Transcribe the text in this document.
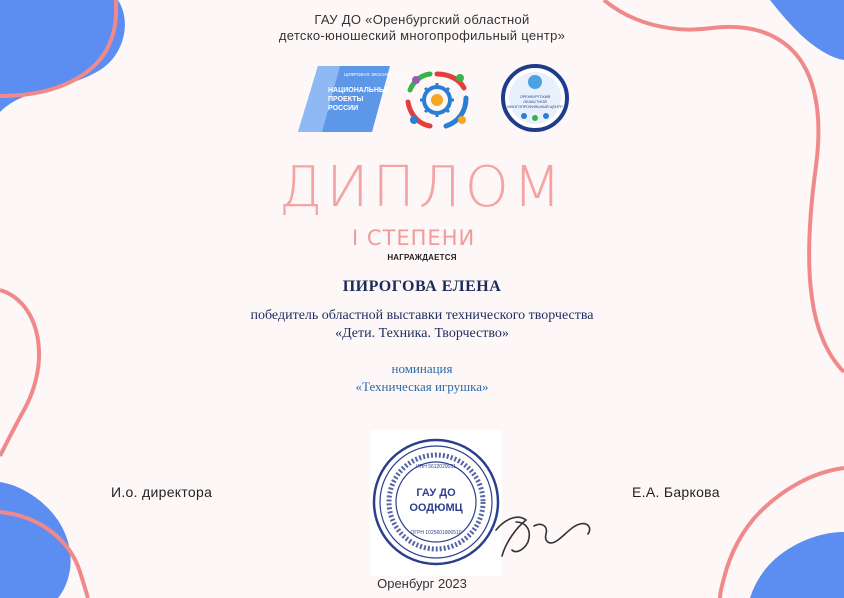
ГАУ ДО «Оренбургский областной
детско-юношеский многопрофильный центр»
ЦИФРОВАЯ ЭКОСИСТЕМА
НАЦИОНАЛЬНЫЕ
ПРОЕКТЫ
РОССИИ
ОРЕНБУРГСКИЙ
ОБЛАСТНОЙ
МНОГОПРОФИЛЬНЫЙ ЦЕНТР
ДИПЛОМ
I СТЕПЕНИ
НАГРАЖДАЕТСЯ
ПИРОГОВА ЕЛЕНА
победитель областной выставки технического творчества
«Дети. Техника. Творчество»
номинация
«Техническая игрушка»
ГАУ ДО
ООДЮМЦ
ИНН 5612029031
ОГРН 1025601806510
И.о. директора	Е.А. Баркова
Оренбург 2023
